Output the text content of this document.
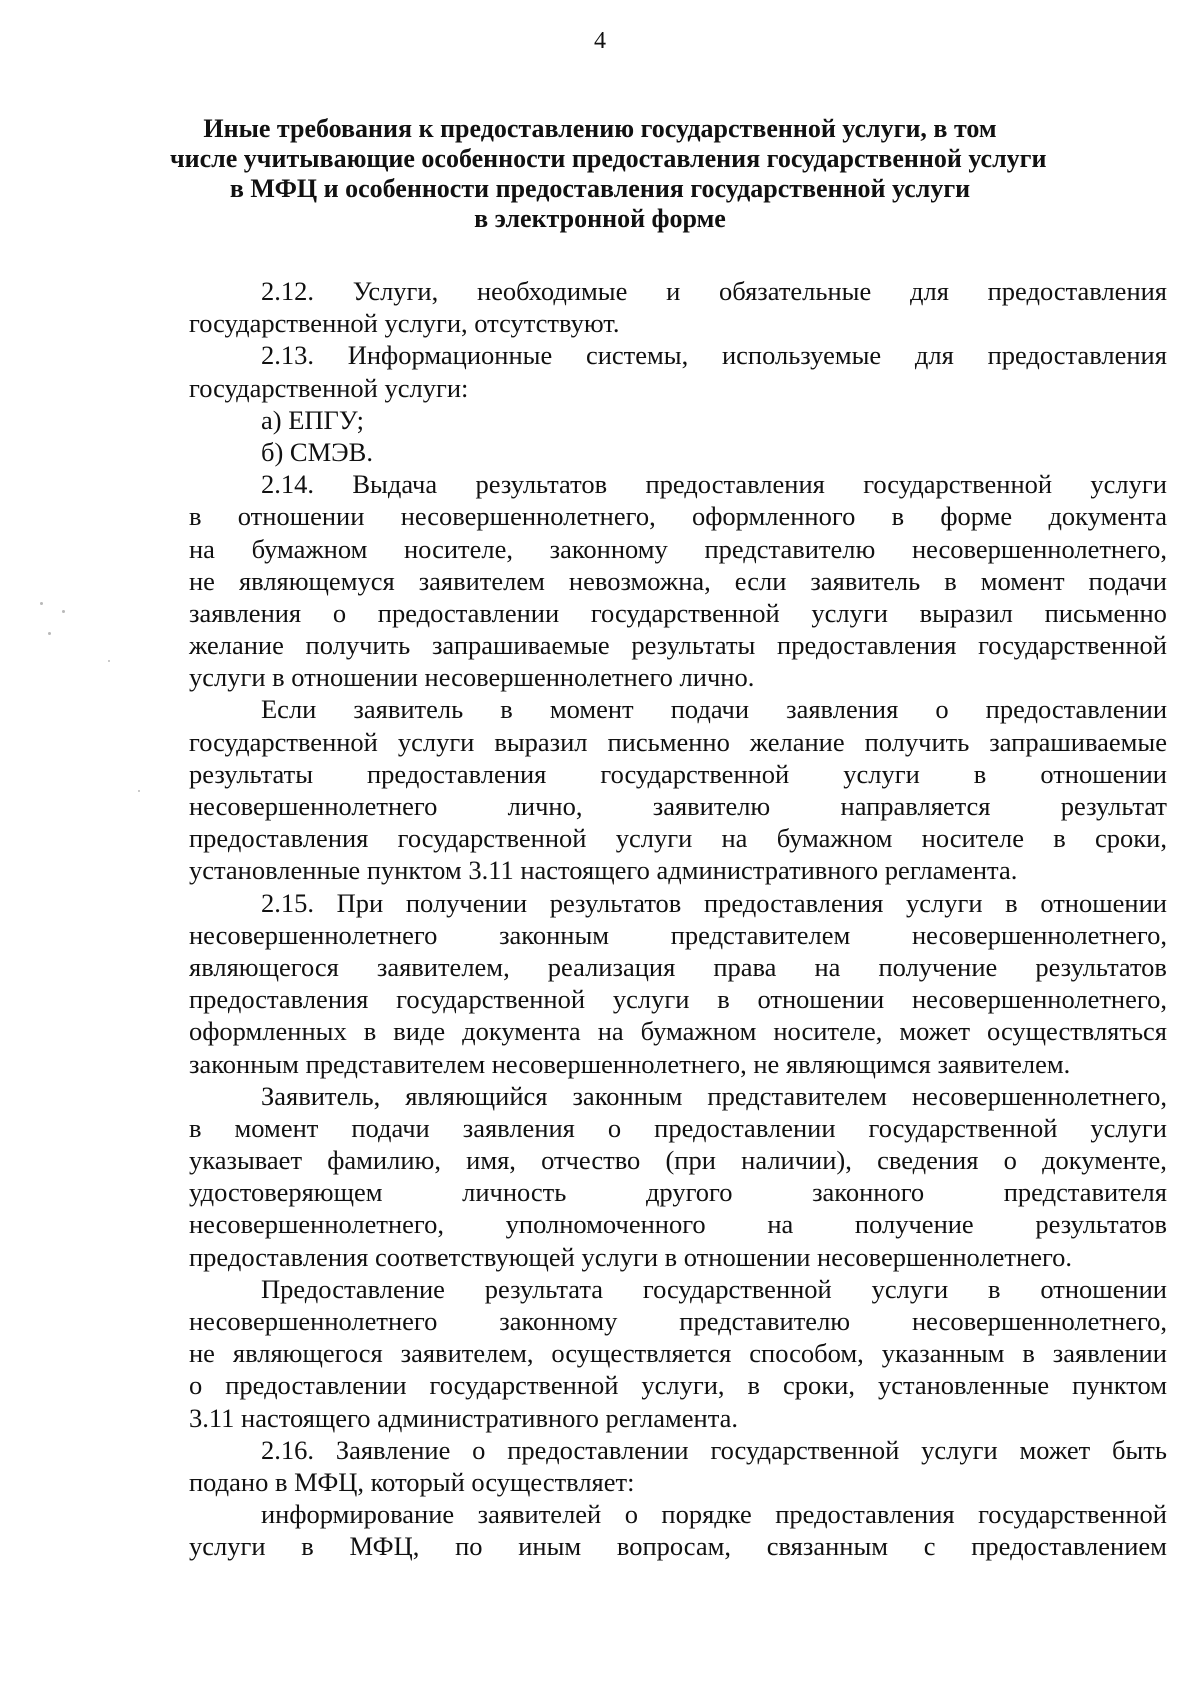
4
Иные требования к предоставлению государственной услуги, в том
числе учитывающие особенности предоставления государственной услуги
в МФЦ и особенности предоставления государственной услуги
в электронной форме
2.12. Услуги, необходимые и обязательные для предоставления
государственной услуги, отсутствуют.
2.13. Информационные системы, используемые для предоставления
государственной услуги:
а) ЕПГУ;
б) СМЭВ.
2.14. Выдача результатов предоставления государственной услуги
в отношении несовершеннолетнего, оформленного в форме документа
на бумажном носителе, законному представителю несовершеннолетнего,
не являющемуся заявителем невозможна, если заявитель в момент подачи
заявления о предоставлении государственной услуги выразил письменно
желание получить запрашиваемые результаты предоставления государственной
услуги в отношении несовершеннолетнего лично.
Если заявитель в момент подачи заявления о предоставлении
государственной услуги выразил письменно желание получить запрашиваемые
результаты предоставления государственной услуги в отношении
несовершеннолетнего	лично,	заявителю	направляется	результат
предоставления государственной услуги на бумажном носителе в сроки,
установленные пунктом 3.11 настоящего административного регламента.
2.15. При получении результатов предоставления услуги в отношении
несовершеннолетнего законным представителем несовершеннолетнего,
являющегося заявителем, реализация права на получение результатов
предоставления государственной услуги в отношении несовершеннолетнего,
оформленных в виде документа на бумажном носителе, может осуществляться
законным представителем несовершеннолетнего, не являющимся заявителем.
Заявитель, являющийся законным представителем несовершеннолетнего,
в момент подачи заявления о предоставлении государственной услуги
указывает фамилию, имя, отчество (при наличии), сведения о документе,
удостоверяющем	личность	другого	законного	представителя
несовершеннолетнего, уполномоченного на получение результатов
предоставления соответствующей услуги в отношении несовершеннолетнего.
Предоставление результата государственной услуги в отношении
несовершеннолетнего законному представителю несовершеннолетнего,
не являющегося заявителем, осуществляется способом, указанным в заявлении
о предоставлении государственной услуги, в сроки, установленные пунктом
3.11 настоящего административного регламента.
2.16. Заявление о предоставлении государственной услуги может быть
подано в МФЦ, который осуществляет:
информирование заявителей о порядке предоставления государственной
услуги в МФЦ, по иным вопросам, связанным с предоставлением
